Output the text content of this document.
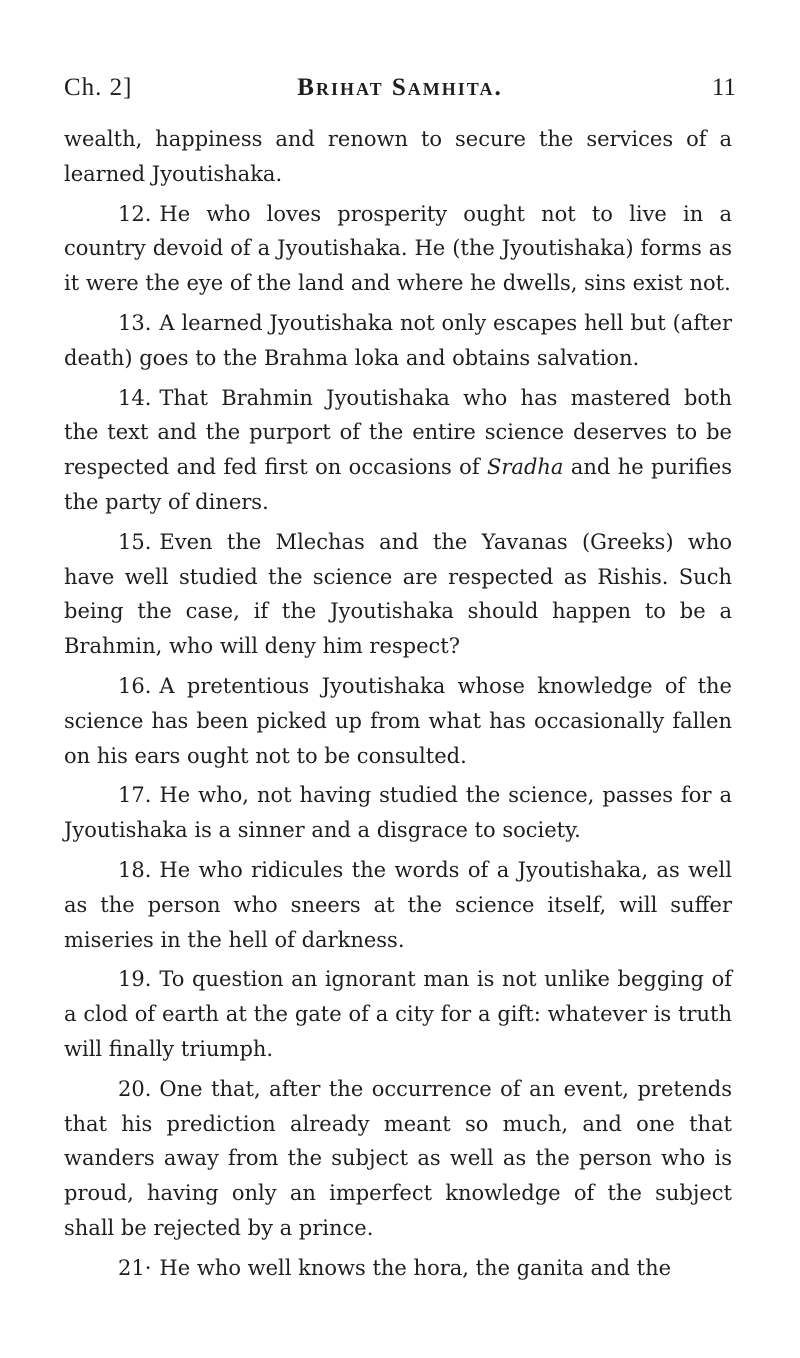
Ch. 2]	Brihat Samhita.	11

wealth, happiness and renown to secure the services of a learned Jyoutishaka.

12. He who loves prosperity ought not to live in a country devoid of a Jyoutishaka. He (the Jyoutishaka) forms as it were the eye of the land and where he dwells, sins exist not.

13. A learned Jyoutishaka not only escapes hell but (after death) goes to the Brahma loka and obtains salvation.

14. That Brahmin Jyoutishaka who has mastered both the text and the purport of the entire science deserves to be respected and fed first on occasions of Sradha and he purifies the party of diners.

15. Even the Mlechas and the Yavanas (Greeks) who have well studied the science are respected as Rishis. Such being the case, if the Jyoutishaka should happen to be a Brahmin, who will deny him respect?

16. A pretentious Jyoutishaka whose knowledge of the science has been picked up from what has occasionally fallen on his ears ought not to be consulted.

17. He who, not having studied the science, passes for a Jyoutishaka is a sinner and a disgrace to society.

18. He who ridicules the words of a Jyoutishaka, as well as the person who sneers at the science itself, will suffer miseries in the hell of darkness.

19. To question an ignorant man is not unlike begging of a clod of earth at the gate of a city for a gift: whatever is truth will finally triumph.

20. One that, after the occurrence of an event, pretends that his prediction already meant so much, and one that wanders away from the subject as well as the person who is proud, having only an imperfect knowledge of the subject shall be rejected by a prince.

21· He who well knows the hora, the ganita and the
